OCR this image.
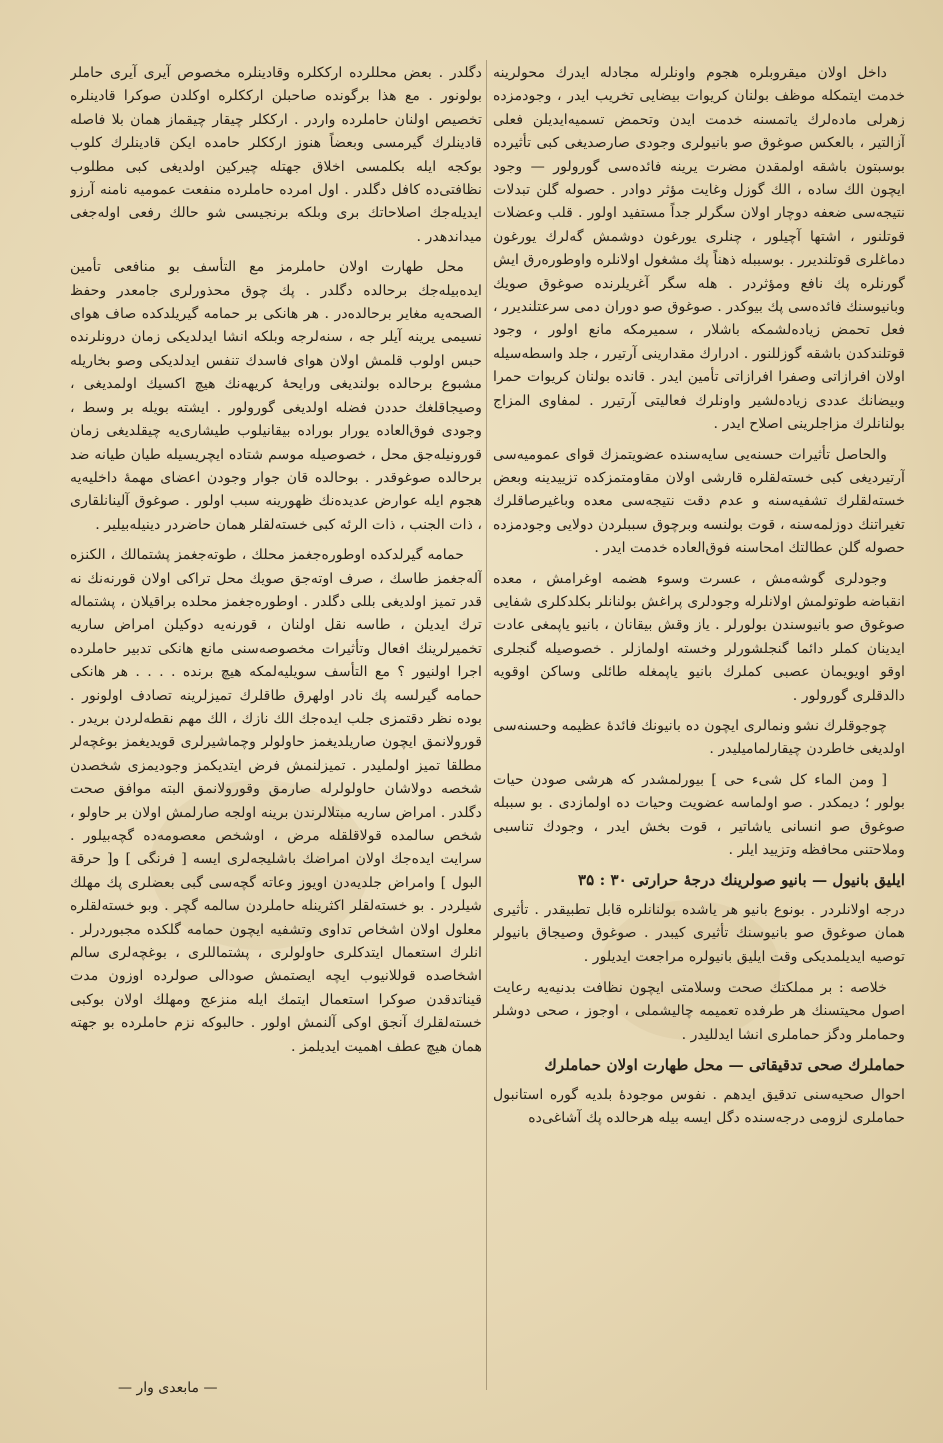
داخل اولان میقروبلره هجوم واونلرله مجادله ایدرك محولرینه خدمت ایتمکله موظف بولنان کریوات بیضایی تخریب ایدر ، وجودمزده زهرلی ماده‌لرك یاتمسنه خدمت ایدن وتحمض تسمیه‌ایدیلن فعلی آزالتیر ، بالعکس صوغوق صو بانیولری وجودی صارصدیغی کبی تأثیرده بوسبتون باشقه اولمقدن مضرت یرینه فائده‌سی گورولور — وجود ایچون الك ساده ، الك گوزل وغایت مؤثر دوادر . حصوله گلن تبدلات نتیجه‌سی ضعفه دوچار اولان سگرلر جداً مستفید اولور . قلب وعضلات قوتلنور ، اشتها آچیلور ، چنلری یورغون دوشمش گه‌لرك یورغون دماغلری قوتلندیرر . بوسببله ذهناً پك مشغول اولانلره واوطوره‌رق ایش گورنلره پك نافع ومؤثردر . هله سگر آغریلرنده صوغوق صویك وبانیوسنك فائده‌سی پك بیوکدر . صوغوق صو دوران دمی سرعتلندیرر ، فعل تحمض زیاده‌لشمکه باشلار ، سمیرمکه مانع اولور ، وجود قوتلندکدن باشقه گوزللنور . ادرارك مقدارینی آرتیرر ، جلد واسطه‌سیله اولان افرازاتی وصفرا افرازاتی تأمین ایدر . قانده بولنان کریوات حمرا وبیضانك عددی زیاده‌لشیر واونلرك فعالیتی آرتیرر . لمفاوی المزاج بولنانلرك مزاجلرینی اصلاح ایدر .

والحاصل تأثیرات حسنه‌یی سایه‌سنده عضویتمزك قوای عمومیه‌سی آرتیردیغی کبی خسته‌لقلره قارشی اولان مقاومتمزکده تزییدینه وبعض خسته‌لقلرك تشفیه‌سنه و عدم دقت نتیجه‌سی معده وباغیرصاقلرك تغیراتنك دوزلمه‌سنه ، قوت بولنسه وبرچوق سببلردن دولایی وجودمزده حصوله گلن عطالتك امحاسنه فوق‌العاده خدمت ایدر .

وجودلری گوشه‌مش ، عسرت وسوء هضمه اوغرامش ، معده انقباضه طوتولمش اولانلرله وجودلری پراغش بولنانلر بکلدکلری شفایی صوغوق صو بانیوسندن بولورلر . یاز وقش بیقانان ، بانیو یاپمغی عادت ایدینان کملر دائما گنجلشورلر وخسته اولمازلر . خصوصیله گنجلری اوقو اویویمان عصبی کملرك بانیو یاپمغله طائلی وساکن اوقویه دالدقلری گورولور .

چوجوقلرك نشو ونمالری ایچون ده بانیونك فائدهٔ عظیمه وحسنه‌سی اولدیغی خاطردن چیقارلمامیلیدر .

[ ومن الماء كل شیء حی ] بیورلمشدر که هرشی صودن حیات بولور ؛ دیمکدر . صو اولماسه عضویت وحیات ده اولمازدی . بو سببله صوغوق صو انسانی یاشاتیر ، قوت بخش ایدر ، وجودك تناسبی وملاحتنی محافظه وتزیید ایلر .

ایلیق بانیول — بانیو صولرینك درجهٔ حرارتی ۳۰ : ۳۵

درجه اولانلردر . بونوع بانیو هر یاشده بولنانلره قابل تطبیقدر . تأثیری همان صوغوق صو بانیوسنك تأثیری کیبدر . صوغوق وصیجاق بانیولر توصیه ایدیلمدیکی وقت ایلیق بانیولره مراجعت ایدیلور .

خلاصه : بر مملکتك صحت وسلامتی ایچون نظافت بدنیه‌یه رعایت اصول محیتسنك هر طرفده تعمیمه چالیشملی ، اوجوز ، صحی دوشلر وحماملر ودگز حماملری انشا ایدللیدر .

حماملرك صحی تدقیقاتی — محل طهارت اولان حماملرك

احوال صحیه‌سنی تدقیق ایدهم . نفوس موجودهٔ بلدیه گوره استانبول حماملری لزومی درجه‌سنده دگل ایسه بیله هرحالده پك آشاغی‌ده

دگلدر . بعض محللرده ارککلره وقادینلره مخصوص آیری آیری حاملر بولونور . مع هذا برگونده صاحبلن ارککلره اوکلدن صوکرا قادینلره تخصیص اولنان حاملرده واردر . ارککلر چیقار چیقماز همان بلا فاصله قادینلرك گیرمسی وبعضاً هنوز ارککلر حامده ایکن قادینلرك کلوب بوکجه ایله بکلمسی اخلاق جهتله چیرکین اولدیغی کبی مطلوب نظافتی‌ده کافل دگلدر . اول امرده حاملرده منفعت عمومیه نامنه آرزو ایدیله‌جك اصلاحاتك بری وبلکه برنجیسی شو حالك رفعی اوله‌جغی میداندهدر .

محل طهارت اولان حاملرمز مع التأسف بو منافعی تأمین ایده‌بیله‌جك برحالده دگلدر . پك چوق محذورلری جامعدر وحفظ الصحه‌یه مغایر برحالده‌در . هر هانکی بر حمامه گیریلدکده صاف هوای نسیمی یرینه آیلر جه ، سنه‌لرجه وبلکه انشا ایدلدیکی زمان درونلرنده حبس اولوب قلمش اولان هوای فاسدك تنفس ایدلدیکی وصو بخاریله مشبوع برحالده بولندیغی ورایحهٔ کریهه‌نك هیچ اکسیك اولمدیغی ، وصیجاقلغك حددن فضله اولدیغی گورولور . ایشته بویله بر وسط ، وجودی فوق‌العاده یورار بوراده بیقانیلوب طیشاری‌یه چیقلدیغی زمان قورونیله‌جق محل ، خصوصیله موسم شتاده ایچریسیله طیان طیانه ضد برحالده صوغوقدر . بوحالده قان جوار وجودن اعضای مهمهٔ داخلیه‌یه هجوم ایله عوارض عدیده‌نك ظهورینه سبب اولور . صوغوق آلینانلقاری ، ذات الجنب ، ذات الرئه کبی خسته‌لقلر همان حاضردر دینیله‌بیلیر .

حمامه گیرلدکده اوطوره‌جغمز محلك ، طوته‌جغمز پشتمالك ، الکنزه آله‌جغمز طاسك ، صرف اوته‌جق صویك محل تراکی اولان قورنه‌نك نه قدر تمیز اولدیغی بللی دگلدر . اوطوره‌جغمز محلده براقیلان ، پشتماله ترك ایدیلن ، طاسه نقل اولنان ، قورنه‌یه دوکیلن امراض ساریه تخمیرلرینك افعال وتأثیرات مخصوصه‌سنی مانع هانکی تدبیر حاملرده اجرا اولنیور ؟ مع التأسف سویلیه‌لمکه هیچ برنده . . . . هر هانکی حمامه گیرلسه پك نادر اولهرق طاقلرك تمیزلرینه تصادف اولونور . بوده نظر دقتمزی جلب ایده‌جك الك نازك ، الك مهم نقطه‌لردن بریدر . قورولانمق ایچون صاریلدیغمز حاولولر وچماشیرلری قویدیغمز بوغچه‌لر مطلقا تمیز اولملیدر . تمیزلنمش فرض ایتدیکمز وجودیمزی شخصدن شخصه دولاشان حاولولرله صارمق وقورولانمق البته موافق صحت دگلدر . امراض ساریه مبتلالرندن برینه اولجه صارلمش اولان بر حاولو ، شخص سالمده قولاقلقله مرض ، اوشخص معصومه‌ده گچه‌بیلور . سرایت ایده‌جك اولان امراضك باشلیجه‌لری ایسه [ فرنگی ] و[ حرقة البول ] وامراض جلدیه‌دن اویوز وعاته گچه‌سی گبی بعضلری پك مهلك شیلردر . بو خسته‌لقلر اکثرینله حاملردن سالمه گچر . وبو خسته‌لقلره معلول اولان اشخاص تداوی وتشفیه ایچون حمامه گلکده مجبوردرلر . انلرك استعمال ایتدکلری حاولولری ، پشتماللری ، بوغچه‌لری سالم اشخاصده قوللانیوب ایچه ایصتمش صودالی صولرده اوزون مدت قیناتدقدن صوکرا استعمال ایتمك ایله منزعج ومهلك اولان بوکبی خسته‌لقلرك آنجق اوکی آلنمش اولور . حالبوکه نزم حاملرده بو جهته همان هیچ عطف اهمیت ایدیلمز .

— مابعدی وار —
